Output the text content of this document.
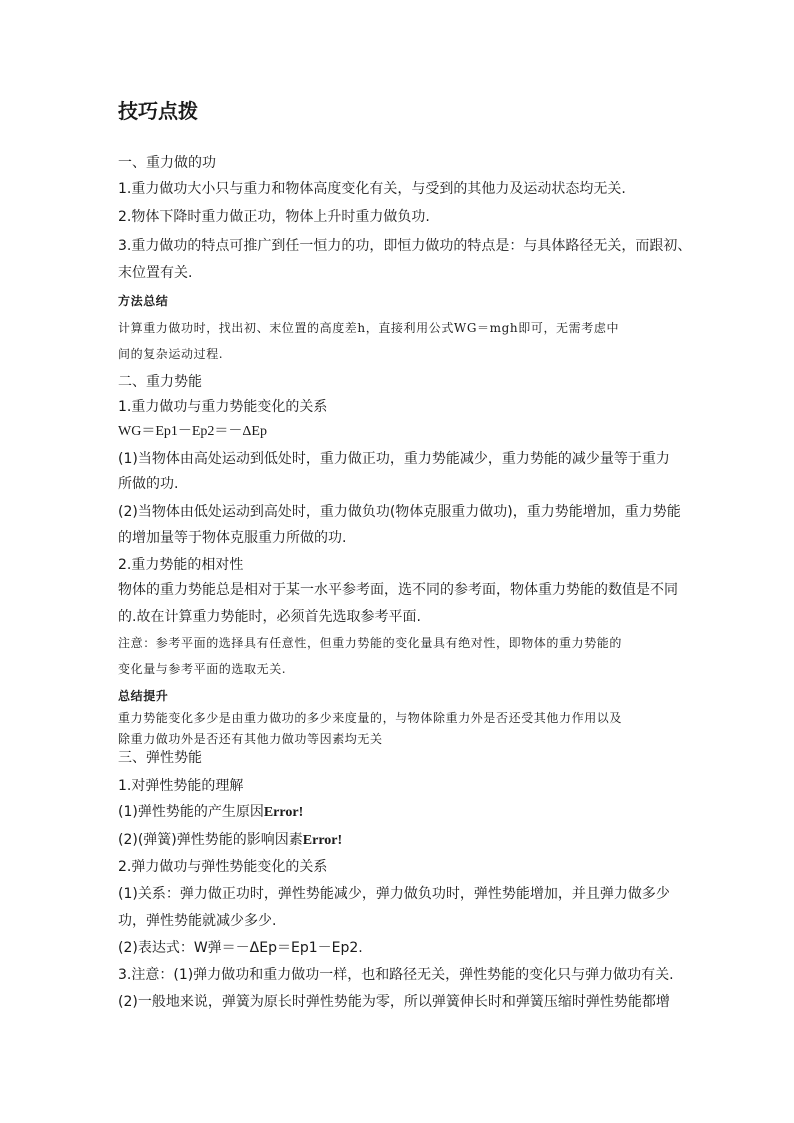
技巧点拨
一、重力做的功
1.重力做功大小只与重力和物体高度变化有关，与受到的其他力及运动状态均无关.
2.物体下降时重力做正功，物体上升时重力做负功.
3.重力做功的特点可推广到任一恒力的功，即恒力做功的特点是：与具体路径无关，而跟初、
末位置有关.
方法总结
计算重力做功时，找出初、末位置的高度差h，直接利用公式WG＝mgh即可，无需考虑中
间的复杂运动过程.
二、重力势能
1.重力做功与重力势能变化的关系
WG＝Ep1－Ep2＝－ΔEp
(1)当物体由高处运动到低处时，重力做正功，重力势能减少，重力势能的减少量等于重力
所做的功.
(2)当物体由低处运动到高处时，重力做负功(物体克服重力做功)，重力势能增加，重力势能
的增加量等于物体克服重力所做的功.
2.重力势能的相对性
物体的重力势能总是相对于某一水平参考面，选不同的参考面，物体重力势能的数值是不同
的.故在计算重力势能时，必须首先选取参考平面.
注意：参考平面的选择具有任意性，但重力势能的变化量具有绝对性，即物体的重力势能的
变化量与参考平面的选取无关.
总结提升
重力势能变化多少是由重力做功的多少来度量的，与物体除重力外是否还受其他力作用以及
除重力做功外是否还有其他力做功等因素均无关
三、弹性势能
1.对弹性势能的理解
(1)弹性势能的产生原因Error!
(2)(弹簧)弹性势能的影响因素Error!
2.弹力做功与弹性势能变化的关系
(1)关系：弹力做正功时，弹性势能减少，弹力做负功时，弹性势能增加，并且弹力做多少
功，弹性势能就减少多少.
(2)表达式：W弹＝－ΔEp＝Ep1－Ep2.
3.注意：(1)弹力做功和重力做功一样，也和路径无关，弹性势能的变化只与弹力做功有关.
(2)一般地来说，弹簧为原长时弹性势能为零，所以弹簧伸长时和弹簧压缩时弹性势能都增
